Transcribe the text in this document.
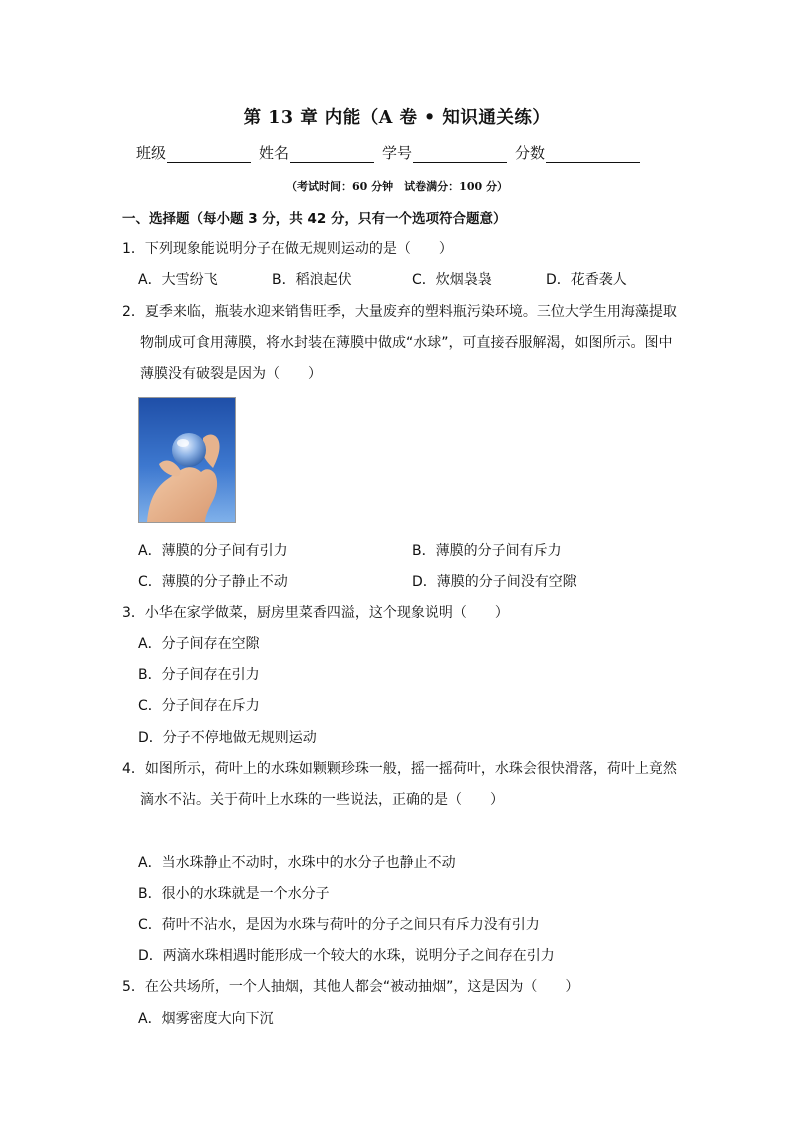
第 13 章 内能（A 卷 • 知识通关练）
班级	姓名	学号	分数
（考试时间：60 分钟　试卷满分：100 分）
一、选择题（每小题 3 分，共 42 分，只有一个选项符合题意）
1．下列现象能说明分子在做无规则运动的是（　　）
A．大雪纷飞	B．稻浪起伏	C．炊烟袅袅	D．花香袭人
2．夏季来临，瓶装水迎来销售旺季，大量废弃的塑料瓶污染环境。三位大学生用海藻提取
物制成可食用薄膜，将水封装在薄膜中做成“水球”，可直接吞服解渴，如图所示。图中
薄膜没有破裂是因为（　　）
A．薄膜的分子间有引力	B．薄膜的分子间有斥力
C．薄膜的分子静止不动	D．薄膜的分子间没有空隙
3．小华在家学做菜，厨房里菜香四溢，这个现象说明（　　）
A．分子间存在空隙
B．分子间存在引力
C．分子间存在斥力
D．分子不停地做无规则运动
4．如图所示，荷叶上的水珠如颗颗珍珠一般，摇一摇荷叶，水珠会很快滑落，荷叶上竟然
滴水不沾。关于荷叶上水珠的一些说法，正确的是（　　）
A．当水珠静止不动时，水珠中的水分子也静止不动
B．很小的水珠就是一个水分子
C．荷叶不沾水，是因为水珠与荷叶的分子之间只有斥力没有引力
D．两滴水珠相遇时能形成一个较大的水珠，说明分子之间存在引力
5．在公共场所，一个人抽烟，其他人都会“被动抽烟”，这是因为（　　）
A．烟雾密度大向下沉
